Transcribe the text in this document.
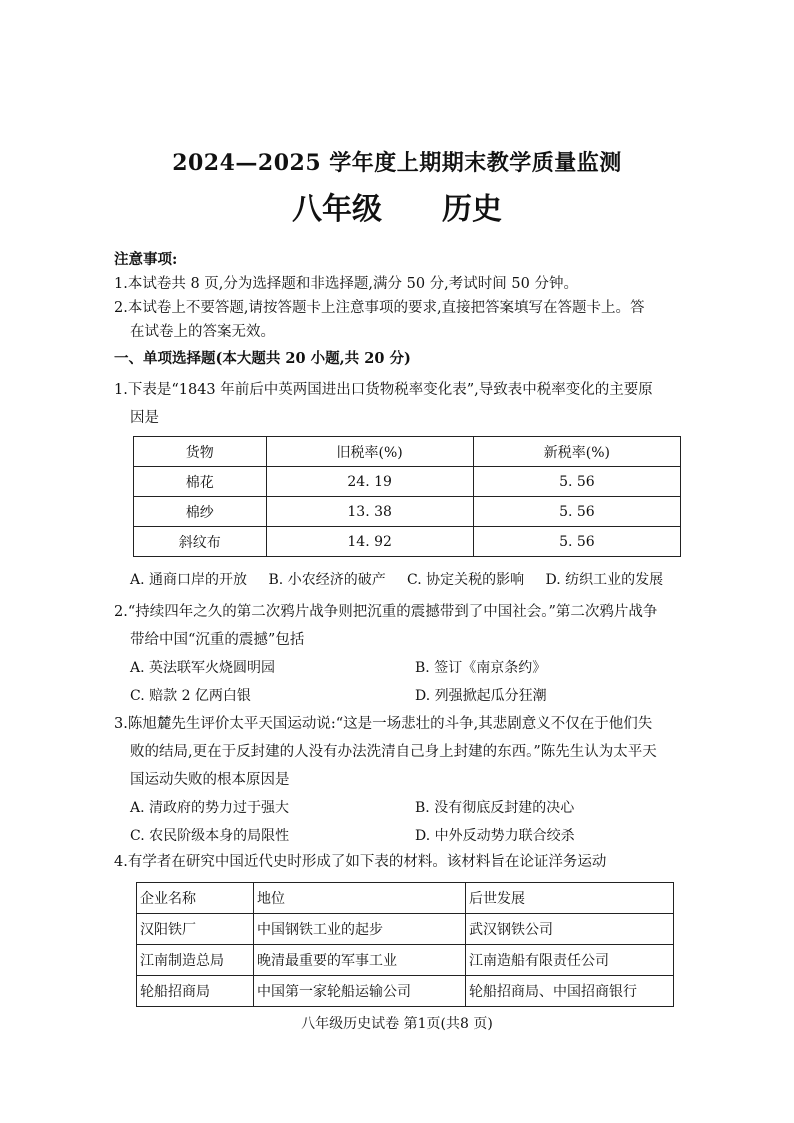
2024—2025 学年度上期期末教学质量监测
八年级 历史
注意事项:
1.本试卷共 8 页,分为选择题和非选择题,满分 50 分,考试时间 50 分钟。
2.本试卷上不要答题,请按答题卡上注意事项的要求,直接把答案填写在答题卡上。答
在试卷上的答案无效。
一、单项选择题(本大题共 20 小题,共 20 分)
1.下表是“1843 年前后中英两国进出口货物税率变化表”,导致表中税率变化的主要原
因是
货物	旧税率(%)	新税率(%)
棉花	24. 19	5. 56
棉纱	13. 38	5. 56
斜纹布	14. 92	5. 56
A. 通商口岸的开放	B. 小农经济的破产	C. 协定关税的影响	D. 纺织工业的发展
2.“持续四年之久的第二次鸦片战争则把沉重的震撼带到了中国社会。”第二次鸦片战争
带给中国“沉重的震撼”包括
A. 英法联军火烧圆明园	B. 签订《南京条约》
C. 赔款 2 亿两白银	D. 列强掀起瓜分狂潮
3.陈旭麓先生评价太平天国运动说:“这是一场悲壮的斗争,其悲剧意义不仅在于他们失
败的结局,更在于反封建的人没有办法洗清自己身上封建的东西。”陈先生认为太平天
国运动失败的根本原因是
A. 清政府的势力过于强大	B. 没有彻底反封建的决心
C. 农民阶级本身的局限性	D. 中外反动势力联合绞杀
4.有学者在研究中国近代史时形成了如下表的材料。该材料旨在论证洋务运动
企业名称	地位	后世发展
汉阳铁厂	中国钢铁工业的起步	武汉钢铁公司
江南制造总局	晚清最重要的军事工业	江南造船有限责任公司
轮船招商局	中国第一家轮船运输公司	轮船招商局、中国招商银行
八年级历史试卷 第1页(共8 页)
